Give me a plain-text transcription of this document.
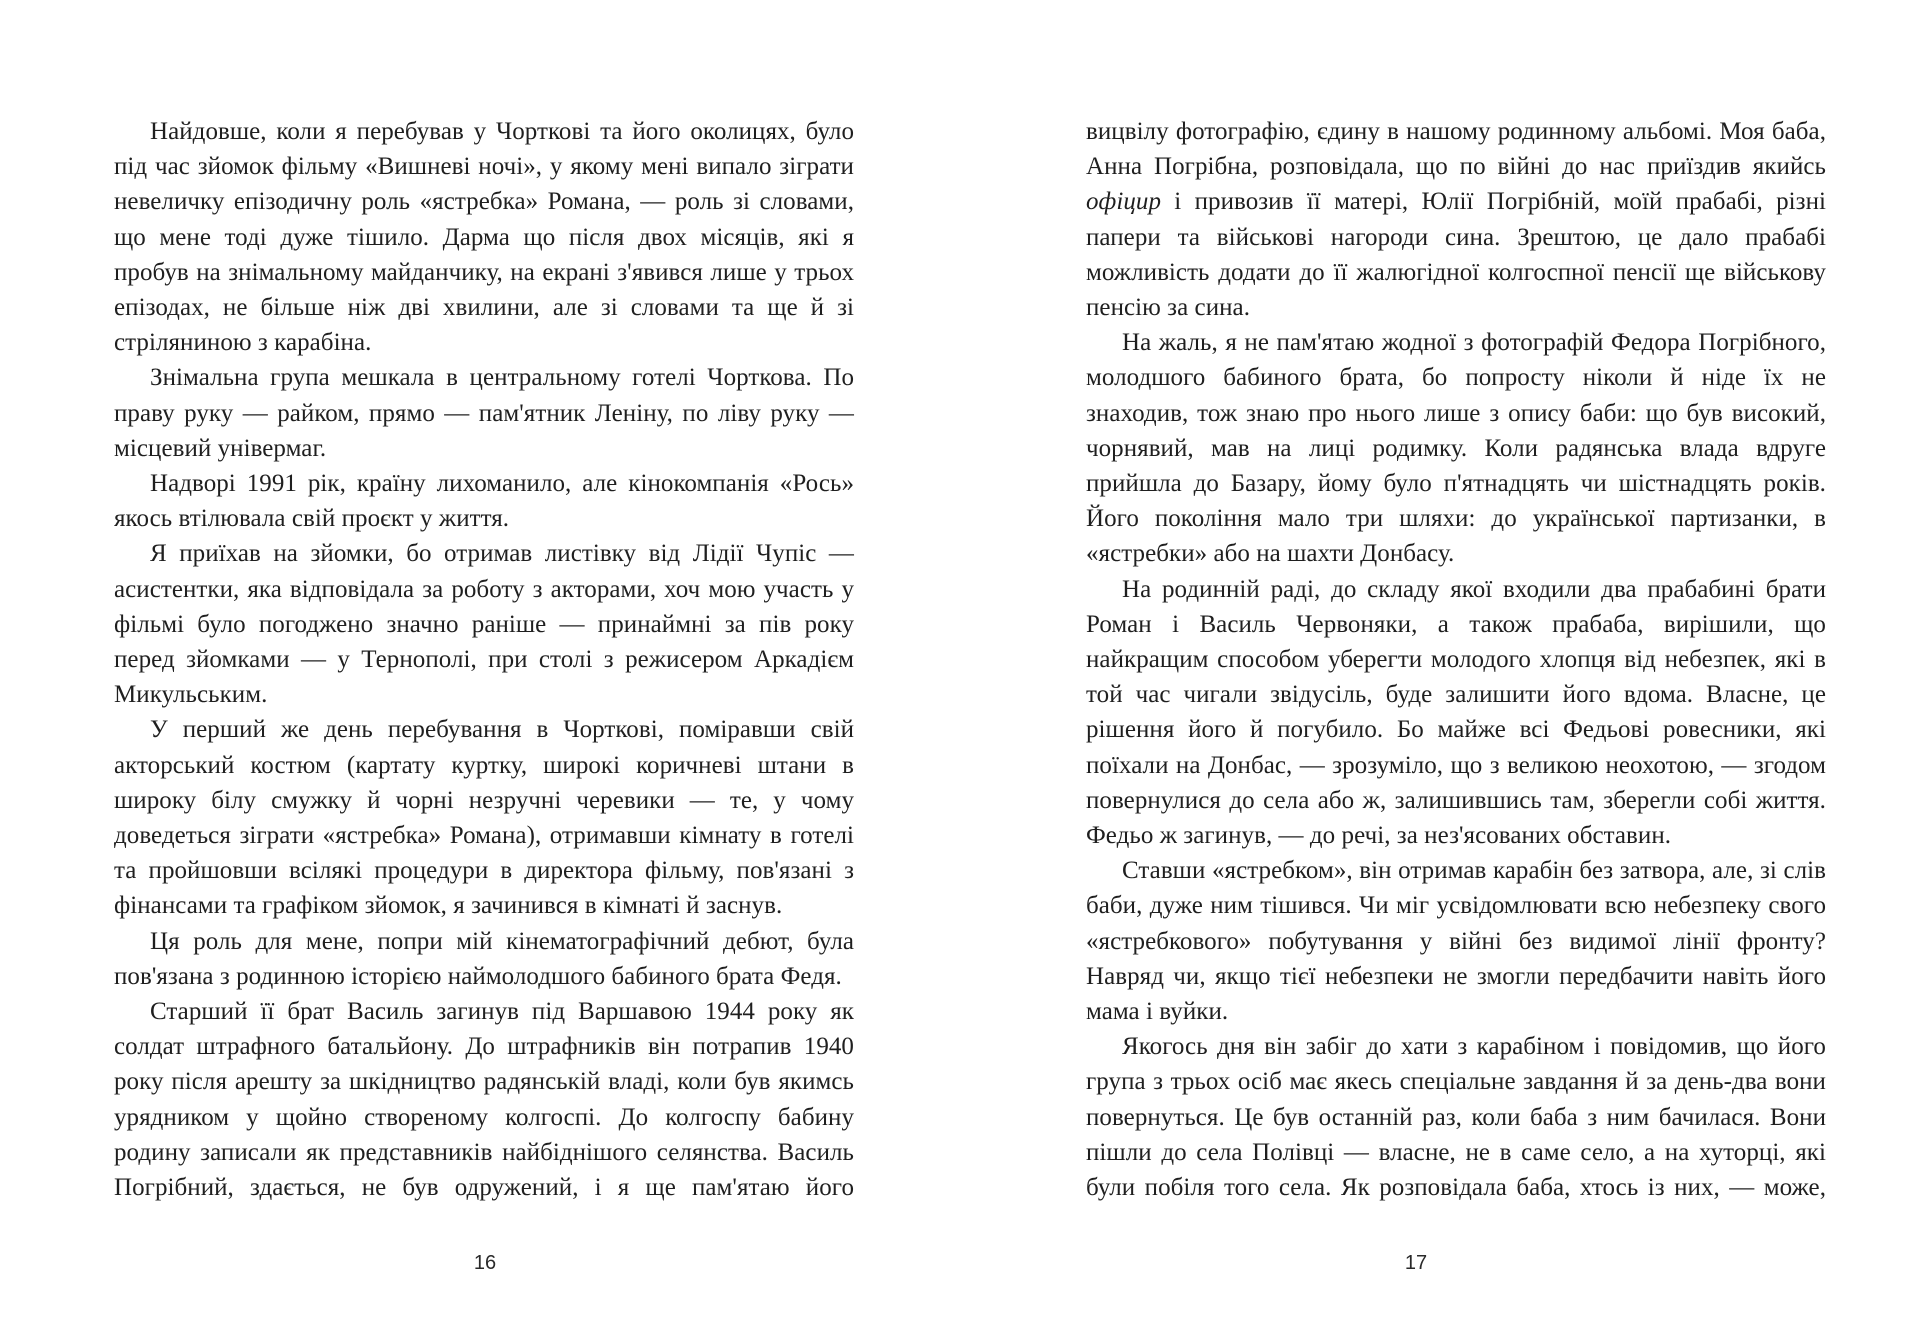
Найдовше, коли я перебував у Чорткові та його околицях, було під час зйомок фільму «Вишневі ночі», у якому мені випало зіграти невеличку епізодичну роль «ястребка» Романа, — роль зі словами, що мене тоді дуже тішило. Дарма що після двох місяців, які я пробув на знімальному майданчику, на екрані з'явився лише у трьох епізодах, не більше ніж дві хвилини, але зі словами та ще й зі стріляниною з карабіна.

Знімальна група мешкала в центральному готелі Чорткова. По праву руку — райком, прямо — пам'ятник Леніну, по ліву руку — місцевий універмаг.

Надворі 1991 рік, країну лихоманило, але кінокомпанія «Рось» якось втілювала свій проєкт у життя.

Я приїхав на зйомки, бо отримав листівку від Лідії Чупіс — асистентки, яка відповідала за роботу з акторами, хоч мою участь у фільмі було погоджено значно раніше — принаймні за пів року перед зйомками — у Тернополі, при столі з режисером Аркадієм Микульським.

У перший же день перебування в Чорткові, поміравши свій акторський костюм (картату куртку, широкі коричневі штани в широку білу смужку й чорні незручні черевики — те, у чому доведеться зіграти «ястребка» Романа), отримавши кімнату в готелі та пройшовши всілякі процедури в директора фільму, пов'язані з фінансами та графіком зйомок, я зачинився в кімнаті й заснув.

Ця роль для мене, попри мій кінематографічний дебют, була пов'язана з родинною історією наймолодшого бабиного брата Федя.

Старший її брат Василь загинув під Варшавою 1944 року як солдат штрафного батальйону. До штрафників він потрапив 1940 року після арешту за шкідництво радянській владі, коли був якимсь урядником у щойно створеному колгоспі. До колгоспу бабину родину записали як представників найбіднішого селянства. Василь Погрібний, здається, не був одружений, і я ще пам'ятаю його

16

вицвілу фотографію, єдину в нашому родинному альбомі. Моя баба, Анна Погрібна, розповідала, що по війні до нас приїздив якийсь офіцир і привозив її матері, Юлії Погрібній, моїй прабабі, різні папери та військові нагороди сина. Зрештою, це дало прабабі можливість додати до її жалюгідної колгоспної пенсії ще військову пенсію за сина.

На жаль, я не пам'ятаю жодної з фотографій Федора Погрібного, молодшого бабиного брата, бо попросту ніколи й ніде їх не знаходив, тож знаю про нього лише з опису баби: що був високий, чорнявий, мав на лиці родимку. Коли радянська влада вдруге прийшла до Базару, йому було п'ятнадцять чи шістнадцять років. Його покоління мало три шляхи: до української партизанки, в «ястребки» або на шахти Донбасу.

На родинній раді, до складу якої входили два прабабині брати Роман і Василь Червоняки, а також прабаба, вирішили, що найкращим способом уберегти молодого хлопця від небезпек, які в той час чигали звідусіль, буде залишити його вдома. Власне, це рішення його й погубило. Бо майже всі Федьові ровесники, які поїхали на Донбас, — зрозуміло, що з великою неохотою, — згодом повернулися до села або ж, залишившись там, зберегли собі життя. Федьо ж загинув, — до речі, за нез'ясованих обставин.

Ставши «ястребком», він отримав карабін без затвора, але, зі слів баби, дуже ним тішився. Чи міг усвідомлювати всю небезпеку свого «ястребкового» побутування у війні без видимої лінії фронту? Навряд чи, якщо тієї небезпеки не змогли передбачити навіть його мама і вуйки.

Якогось дня він забіг до хати з карабіном і повідомив, що його група з трьох осіб має якесь спеціальне завдання й за день-два вони повернуться. Це був останній раз, коли баба з ним бачилася. Вони пішли до села Полівці — власне, не в саме село, а на хуторці, які були побіля того села. Як розповідала баба, хтось із них, — може,

17
